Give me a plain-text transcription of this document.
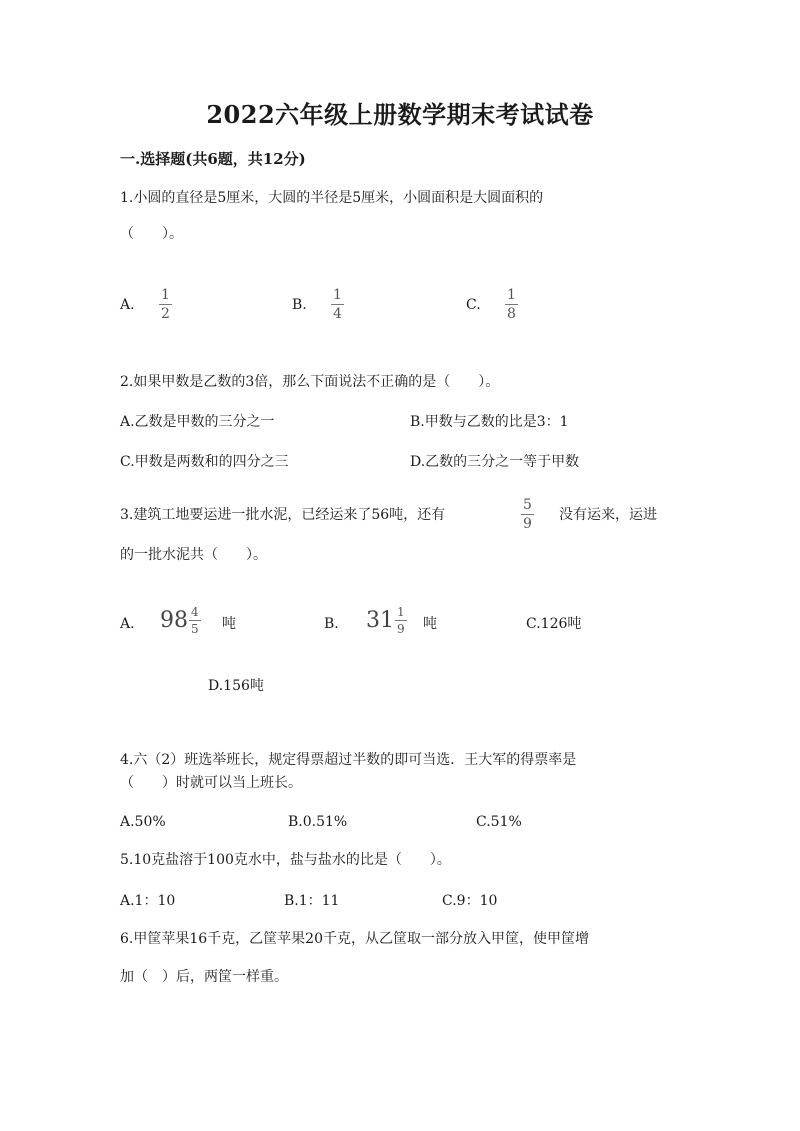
2022六年级上册数学期末考试试卷
一.选择题(共6题，共12分)
1.小圆的直径是5厘米，大圆的半径是5厘米，小圆面积是大圆面积的
（　　）。
A.
1
2
B.
1
4
C.
1
8
2.如果甲数是乙数的3倍，那么下面说法不正确的是（　　）。
A.乙数是甲数的三分之一	B.甲数与乙数的比是3：1
C.甲数是两数和的四分之三	D.乙数的三分之一等于甲数
3.建筑工地要运进一批水泥，已经运来了56吨，还有
5
9
没有运来，运进
的一批水泥共（　　）。
A. $98 \frac{4}{5}$ 吨	B. $31 \frac{1}{9}$ 吨	C.126吨
D.156吨
4.六（2）班选举班长，规定得票超过半数的即可当选．王大军的得票率是
（　　）时就可以当上班长。
A.50%	B.0.51%	C.51%
5.10克盐溶于100克水中，盐与盐水的比是（　　）。
A.1：10	B.1：11	C.9：10
6.甲筐苹果16千克，乙筐苹果20千克，从乙筐取一部分放入甲筐，使甲筐增
加（　）后，两筐一样重。
